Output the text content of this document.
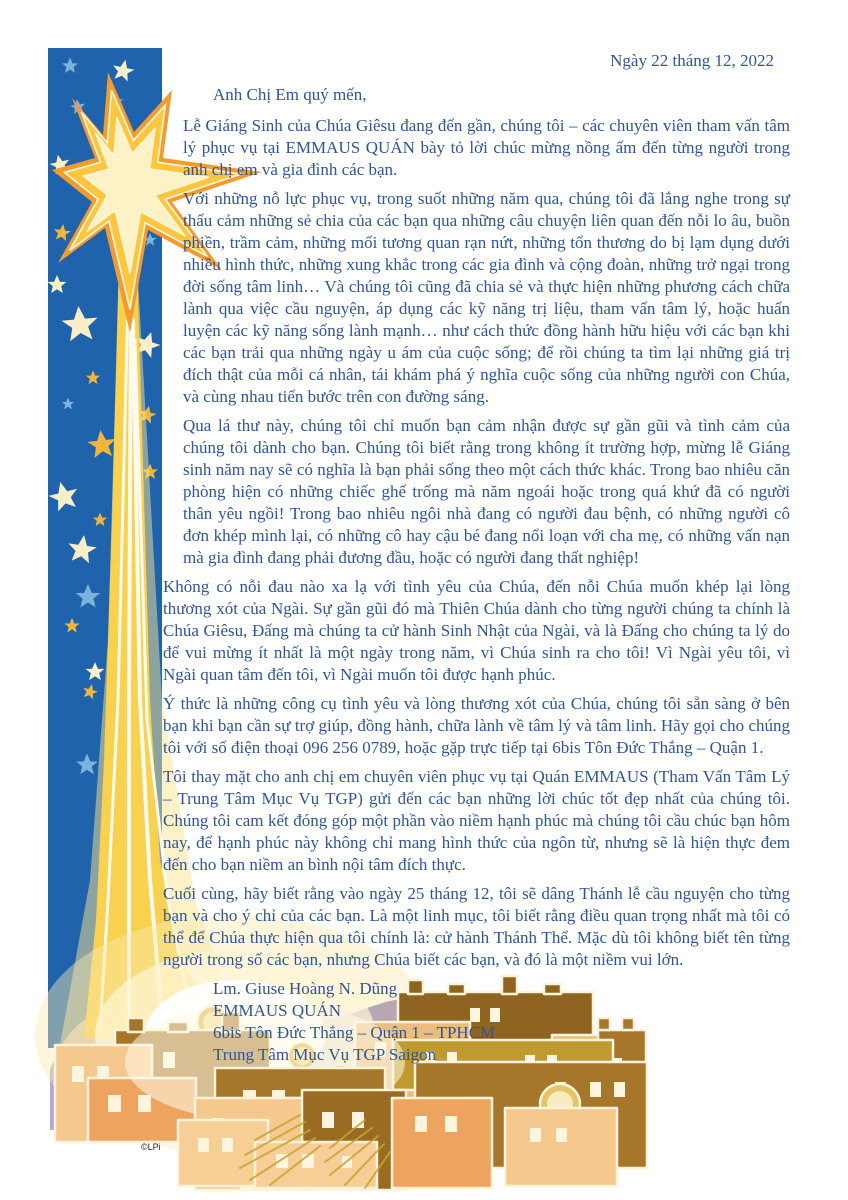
Ngày 22 tháng 12, 2022
Anh Chị Em quý mến,

Lễ Giáng Sinh của Chúa Giêsu đang đến gần, chúng tôi – các chuyên viên tham vấn tâm lý phục vụ tại EMMAUS QUÁN bày tỏ lời chúc mừng nồng ấm đến từng người trong anh chị em và gia đình các bạn.

Với những nỗ lực phục vụ, trong suốt những năm qua, chúng tôi đã lắng nghe trong sự thấu cảm những sẻ chia của các bạn qua những câu chuyện liên quan đến nỗi lo âu, buồn phiền, trầm cảm, những mối tương quan rạn nứt, những tổn thương do bị lạm dụng dưới nhiều hình thức, những xung khắc trong các gia đình và cộng đoàn, những trở ngại trong đời sống tâm linh… Và chúng tôi cũng đã chia sẻ và thực hiện những phương cách chữa lành qua việc cầu nguyện, áp dụng các kỹ năng trị liệu, tham vấn tâm lý, hoặc huấn luyện các kỹ năng sống lành mạnh… như cách thức đồng hành hữu hiệu với các bạn khi các bạn trải qua những ngày u ám của cuộc sống; để rồi chúng ta tìm lại những giá trị đích thật của mỗi cá nhân, tái khám phá ý nghĩa cuộc sống của những người con Chúa, và cùng nhau tiến bước trên con đường sáng.

Qua lá thư này, chúng tôi chỉ muốn bạn cảm nhận được sự gần gũi và tình cảm của chúng tôi dành cho bạn. Chúng tôi biết rằng trong không ít trường hợp, mừng lễ Giáng sinh năm nay sẽ có nghĩa là bạn phải sống theo một cách thức khác. Trong bao nhiêu căn phòng hiện có những chiếc ghế trống mà năm ngoái hoặc trong quá khứ đã có người thân yêu ngồi! Trong bao nhiêu ngôi nhà đang có người đau bệnh, có những người cô đơn khép mình lại, có những cô hay cậu bé đang nổi loạn với cha mẹ, có những vấn nạn mà gia đình đang phải đương đầu, hoặc có người đang thất nghiệp!

Không có nỗi đau nào xa lạ với tình yêu của Chúa, đến nỗi Chúa muốn khép lại lòng thương xót của Ngài. Sự gần gũi đó mà Thiên Chúa dành cho từng người chúng ta chính là Chúa Giêsu, Đấng mà chúng ta cử hành Sinh Nhật của Ngài, và là Đấng cho chúng ta lý do để vui mừng ít nhất là một ngày trong năm, vì Chúa sinh ra cho tôi! Vì Ngài yêu tôi, vì Ngài quan tâm đến tôi, vì Ngài muốn tôi được hạnh phúc.

Ý thức là những công cụ tình yêu và lòng thương xót của Chúa, chúng tôi sẵn sàng ở bên bạn khi bạn cần sự trợ giúp, đồng hành, chữa lành về tâm lý và tâm linh. Hãy gọi cho chúng tôi với số điện thoại 096 256 0789, hoặc gặp trực tiếp tại 6bis Tôn Đức Thắng – Quận 1.

Tôi thay mặt cho anh chị em chuyên viên phục vụ tại Quán EMMAUS (Tham Vấn Tâm Lý – Trung Tâm Mục Vụ TGP) gửi đến các bạn những lời chúc tốt đẹp nhất của chúng tôi. Chúng tôi cam kết đóng góp một phần vào niềm hạnh phúc mà chúng tôi cầu chúc bạn hôm nay, để hạnh phúc này không chỉ mang hình thức của ngôn từ, nhưng sẽ là hiện thực đem đến cho bạn niềm an bình nội tâm đích thực.

Cuối cùng, hãy biết rằng vào ngày 25 tháng 12, tôi sẽ dâng Thánh lễ cầu nguyện cho từng bạn và cho ý chỉ của các bạn. Là một linh mục, tôi biết rằng điều quan trọng nhất mà tôi có thể để Chúa thực hiện qua tôi chính là: cử hành Thánh Thể. Mặc dù tôi không biết tên từng người trong số các bạn, nhưng Chúa biết các bạn, và đó là một niềm vui lớn.

Lm. Giuse Hoàng N. Dũng
EMMAUS QUÁN
6bis Tôn Đức Thắng – Quận 1 – TPHCM
Trung Tâm Mục Vụ TGP Saigon
©LPi
